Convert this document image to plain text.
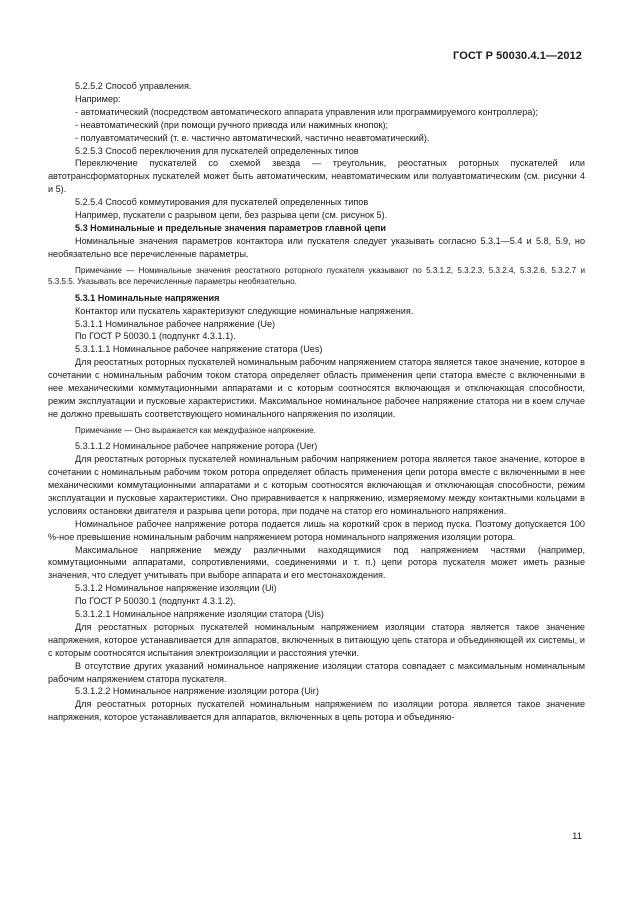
ГОСТ Р 50030.4.1—2012

5.2.5.2 Способ управления.

Например:

- автоматический (посредством автоматического аппарата управления или программируемого контроллера);

- неавтоматический (при помощи ручного привода или нажимных кнопок);

- полуавтоматический (т. е. частично автоматический, частично неавтоматический).

5.2.5.3 Способ переключения для пускателей определенных типов

Переключение пускателей со схемой звезда — треугольник, реостатных роторных пускателей или автотрансформаторных пускателей может быть автоматическим, неавтоматическим или полуавтоматическим (см. рисунки 4 и 5).

5.2.5.4 Способ коммутирования для пускателей определенных типов

Например, пускатели с разрывом цепи, без разрыва цепи (см. рисунок 5).

5.3 Номинальные и предельные значения параметров главной цепи

Номинальные значения параметров контактора или пускателя следует указывать согласно 5.3.1—5.4 и 5.8, 5.9, но необязательно все перечисленные параметры.

Примечание — Номинальные значения реостатного роторного пускателя указывают по 5.3.1.2, 5.3.2.3, 5.3.2.4, 5.3.2.6, 5.3.2.7 и 5.3.5.5. Указывать все перечисленные параметры необязательно.

5.3.1 Номинальные напряжения

Контактор или пускатель характеризуют следующие номинальные напряжения.

5.3.1.1 Номинальное рабочее напряжение (Ue)

По ГОСТ Р 50030.1 (подпункт 4.3.1.1).

5.3.1.1.1 Номинальное рабочее напряжение статора (Ues)

Для реостатных роторных пускателей номинальным рабочим напряжением статора является такое значение, которое в сочетании с номинальным рабочим током статора определяет область применения цепи статора вместе с включенными в нее механическими коммутационными аппаратами и с которым соотносятся включающая и отключающая способности, режим эксплуатации и пусковые характеристики. Максимальное номинальное рабочее напряжение статора ни в коем случае не должно превышать соответствующего номинального напряжения по изоляции.

Примечание — Оно выражается как междуфазное напряжение.

5.3.1.1.2 Номинальное рабочее напряжение ротора (Uer)

Для реостатных роторных пускателей номинальным рабочим напряжением ротора является такое значение, которое в сочетании с номинальным рабочим током ротора определяет область применения цепи ротора вместе с включенными в нее механическими коммутационными аппаратами и с которым соотносятся включающая и отключающая способности, режим эксплуатации и пусковые характеристики. Оно приравнивается к напряжению, измеряемому между контактными кольцами в условиях остановки двигателя и разрыва цепи ротора, при подаче на статор его номинального напряжения.

Номинальное рабочее напряжение ротора подается лишь на короткий срок в период пуска. Поэтому допускается 100 %-ное превышение номинальным рабочим напряжением ротора номинального напряжения изоляции ротора.

Максимальное напряжение между различными находящимися под напряжением частями (например, коммутационными аппаратами, сопротивлениями, соединениями и т. п.) цепи ротора пускателя может иметь разные значения, что следует учитывать при выборе аппарата и его местонахождения.

5.3.1.2 Номинальное напряжение изоляции (Ui)

По ГОСТ Р 50030.1 (подпункт 4.3.1.2).

5.3.1.2.1 Номинальное напряжение изоляции статора (Uis)

Для реостатных роторных пускателей номинальным напряжением изоляции статора является такое значение напряжения, которое устанавливается для аппаратов, включенных в питающую цепь статора и объединяющей их системы, и с которым соотносятся испытания электроизоляции и расстояния утечки.

В отсутствие других указаний номинальное напряжение изоляции статора совпадает с максимальным номинальным рабочим напряжением статора пускателя.

5.3.1.2.2 Номинальное напряжение изоляции ротора (Uir)

Для реостатных роторных пускателей номинальным напряжением по изоляции ротора является такое значение напряжения, которое устанавливается для аппаратов, включенных в цепь ротора и объединяю-

11
